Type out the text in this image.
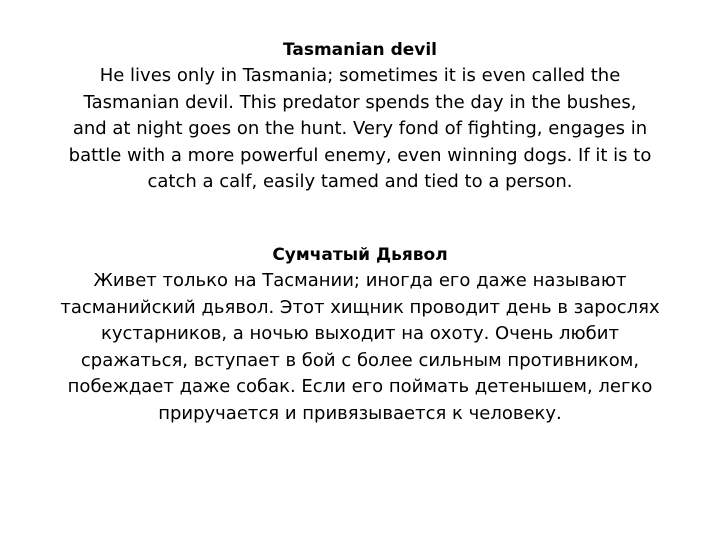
Tasmanian devil
He lives only in Tasmania; sometimes it is even called the
Tasmanian devil. This predator spends the day in the bushes,
and at night goes on the hunt. Very fond of fighting, engages in
battle with a more powerful enemy, even winning dogs. If it is to
catch a calf, easily tamed and tied to a person.
Сумчатый Дьявол
Живет только на Тасмании; иногда его даже называют
тасманийский дьявол. Этот хищник проводит день в зарослях
кустарников, а ночью выходит на охоту. Очень любит
сражаться, вступает в бой с более сильным противником,
побеждает даже собак. Если его поймать детенышем, легко
приручается и привязывается к человеку.
